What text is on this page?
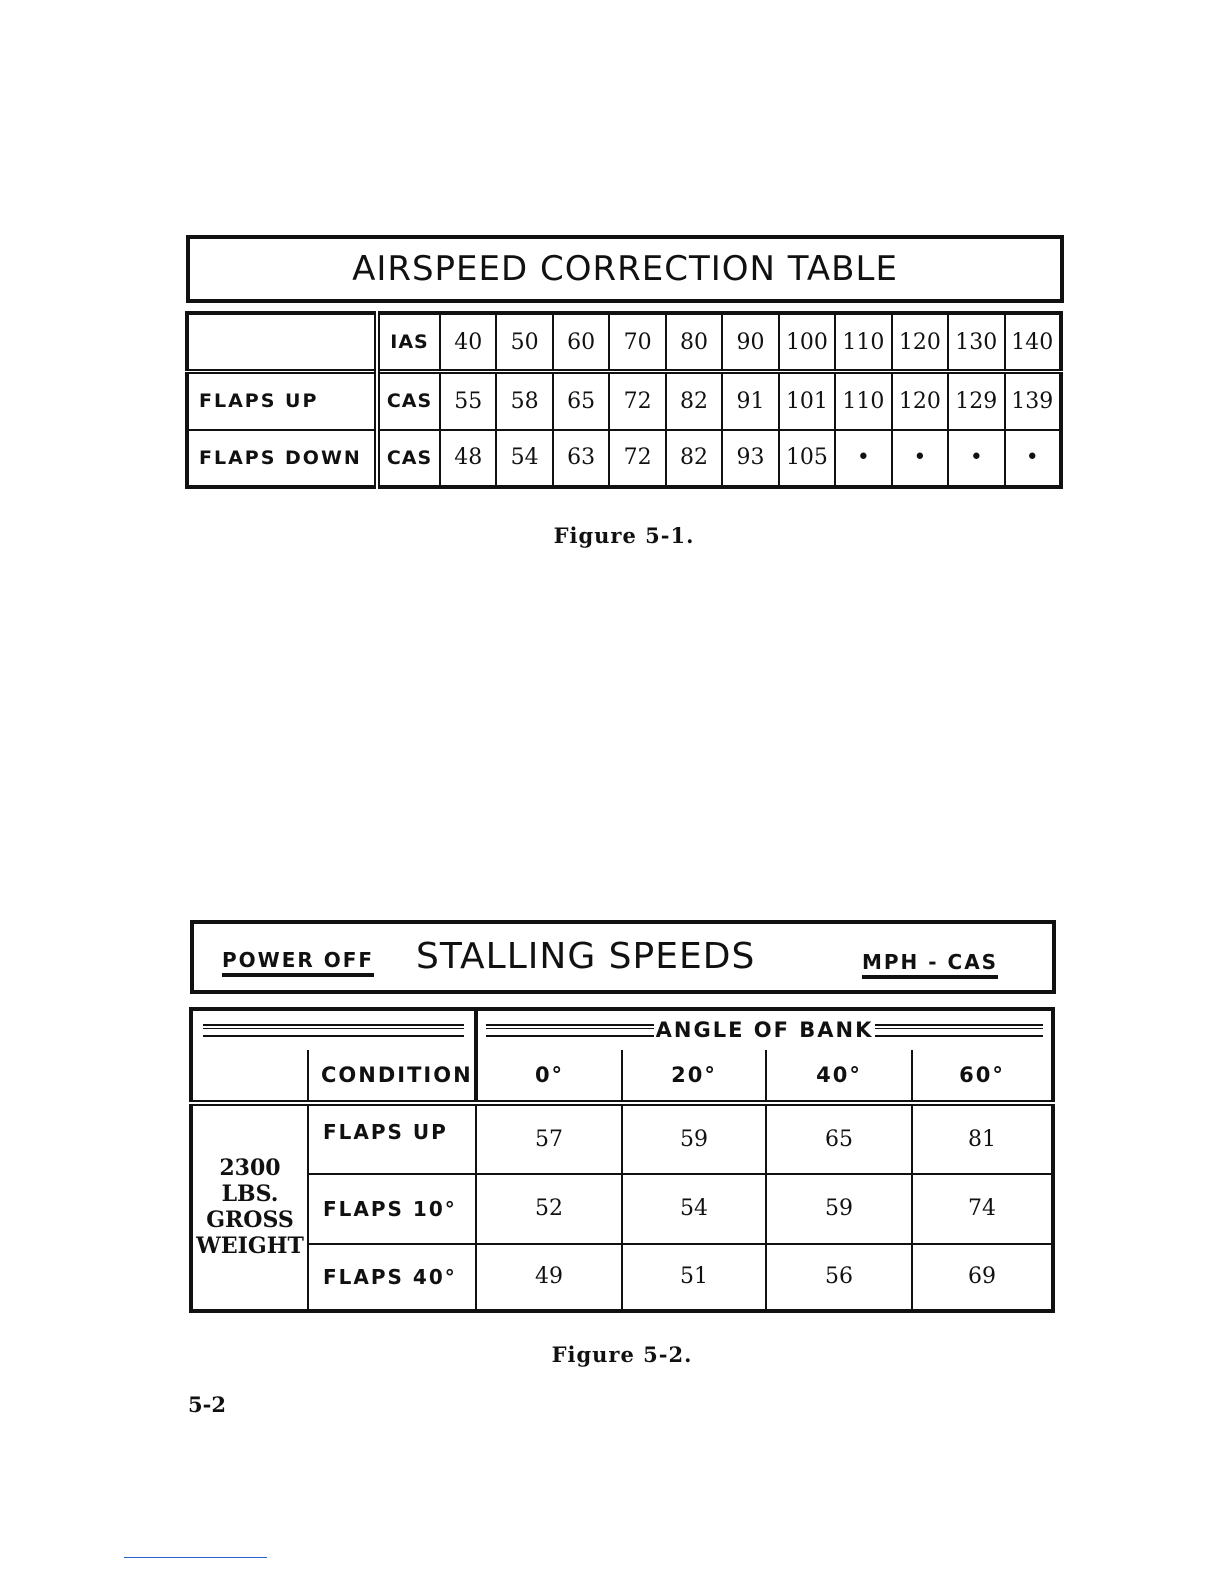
AIRSPEED CORRECTION TABLE
	IAS	40	50	60	70	80	90	100	110	120	130	140
FLAPS UP	CAS	55	58	65	72	82	91	101	110	120	129	139
FLAPS DOWN	CAS	48	54	63	72	82	93	105	•	•	•	•
Figure 5-1.
POWER OFF STALLING SPEEDS	MPH - CAS

		ANGLE OF BANK			

	CONDITION	0°	20°	40°	60°
2300 LBS.
GROSS
WEIGHT	FLAPS UP	57	59	65	81
	FLAPS 10°	52	54	59	74
	FLAPS 40°	49	51	56	69
Figure 5-2.
5-2
